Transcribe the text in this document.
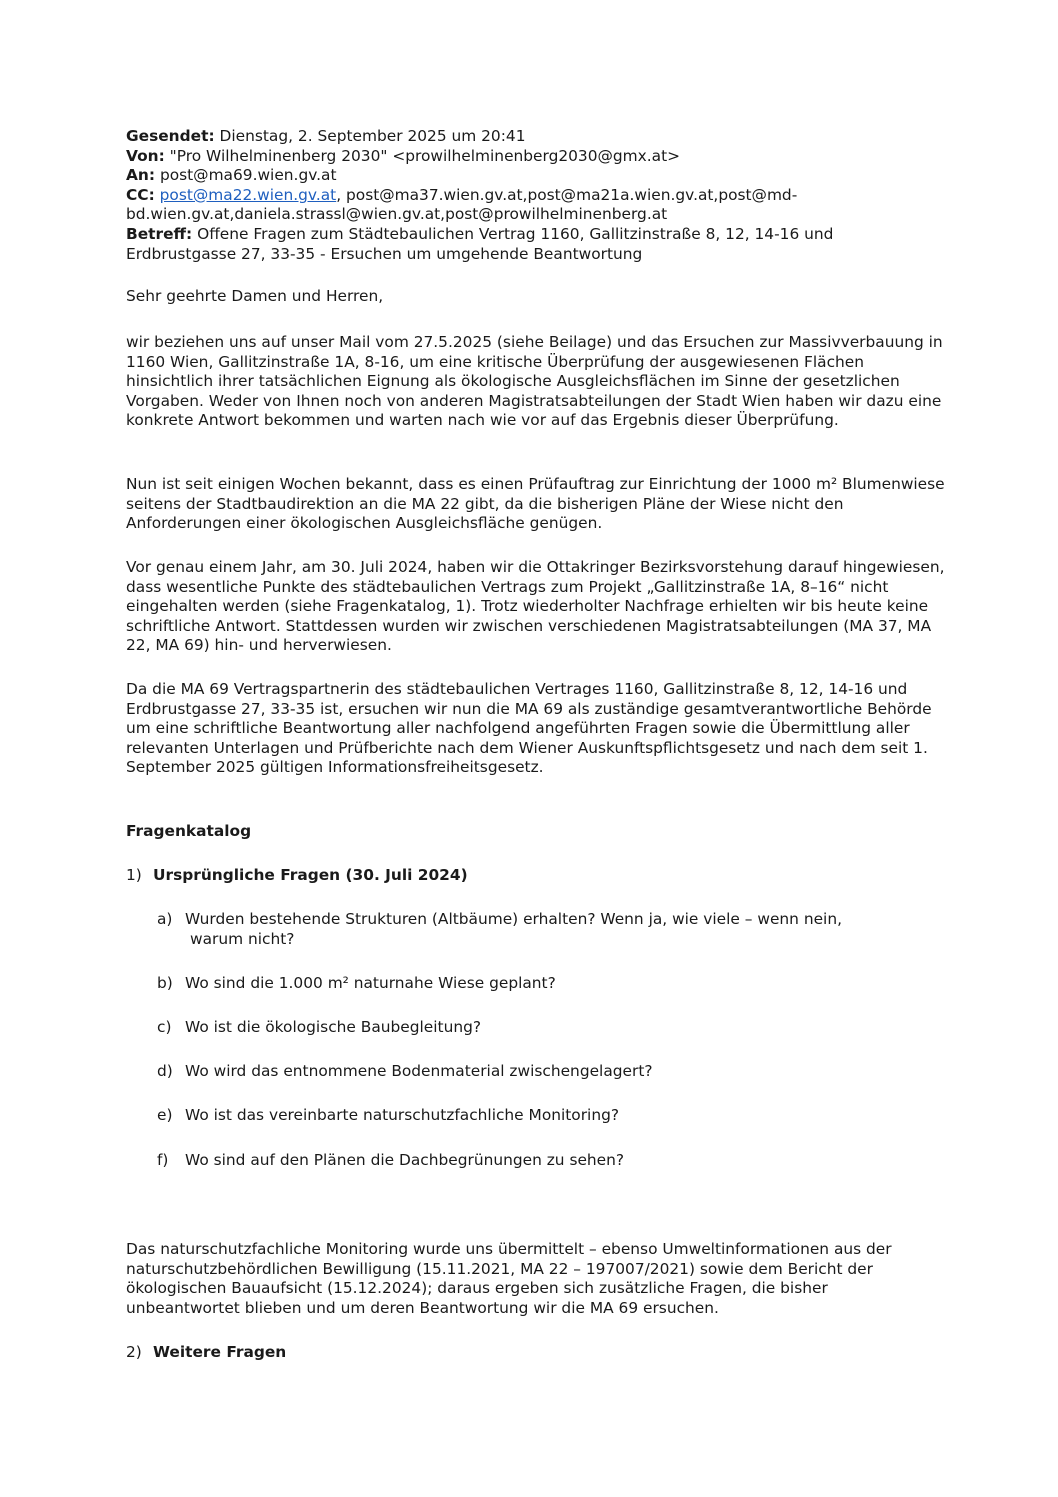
Gesendet: Dienstag, 2. September 2025 um 20:41
Von: "Pro Wilhelminenberg 2030" <prowilhelminenberg2030@gmx.at>
An: post@ma69.wien.gv.at
CC: post@ma22.wien.gv.at, post@ma37.wien.gv.at,post@ma21a.wien.gv.at,post@md-
bd.wien.gv.at,daniela.strassl@wien.gv.at,post@prowilhelminenberg.at
Betreff: Offene Fragen zum Städtebaulichen Vertrag 1160, Gallitzinstraße 8, 12, 14-16 und
Erdbrustgasse 27, 33-35 - Ersuchen um umgehende Beantwortung

Sehr geehrte Damen und Herren,

wir beziehen uns auf unser Mail vom 27.5.2025 (siehe Beilage) und das Ersuchen zur Massivverbauung in 1160 Wien, Gallitzinstraße 1A, 8-16, um eine kritische Überprüfung der ausgewiesenen Flächen hinsichtlich ihrer tatsächlichen Eignung als ökologische Ausgleichsflächen im Sinne der gesetzlichen Vorgaben. Weder von Ihnen noch von anderen Magistratsabteilungen der Stadt Wien haben wir dazu eine konkrete Antwort bekommen und warten nach wie vor auf das Ergebnis dieser Überprüfung.

Nun ist seit einigen Wochen bekannt, dass es einen Prüfauftrag zur Einrichtung der 1000 m² Blumenwiese seitens der Stadtbaudirektion an die MA 22 gibt, da die bisherigen Pläne der Wiese nicht den Anforderungen einer ökologischen Ausgleichsfläche genügen.

Vor genau einem Jahr, am 30. Juli 2024, haben wir die Ottakringer Bezirksvorstehung darauf hingewiesen, dass wesentliche Punkte des städtebaulichen Vertrags zum Projekt „Gallitzinstraße 1A, 8–16“ nicht eingehalten werden (siehe Fragenkatalog, 1). Trotz wiederholter Nachfrage erhielten wir bis heute keine schriftliche Antwort. Stattdessen wurden wir zwischen verschiedenen Magistratsabteilungen (MA 37, MA 22, MA 69) hin- und herverwiesen.

Da die MA 69 Vertragspartnerin des städtebaulichen Vertrages 1160, Gallitzinstraße 8, 12, 14-16 und Erdbrustgasse 27, 33-35 ist, ersuchen wir nun die MA 69 als zuständige gesamtverantwortliche Behörde um eine schriftliche Beantwortung aller nachfolgend angeführten Fragen sowie die Übermittlung aller relevanten Unterlagen und Prüfberichte nach dem Wiener Auskunftspflichtsgesetz und nach dem seit 1. September 2025 gültigen Informationsfreiheitsgesetz.

Fragenkatalog
1) Ursprüngliche Fragen (30. Juli 2024)
a) Wurden bestehende Strukturen (Altbäume) erhalten? Wenn ja, wie viele – wenn nein,
warum nicht?
b) Wo sind die 1.000 m² naturnahe Wiese geplant?
c) Wo ist die ökologische Baubegleitung?
d) Wo wird das entnommene Bodenmaterial zwischengelagert?
e) Wo ist das vereinbarte naturschutzfachliche Monitoring?
f) Wo sind auf den Plänen die Dachbegrünungen zu sehen?

Das naturschutzfachliche Monitoring wurde uns übermittelt – ebenso Umweltinformationen aus der naturschutzbehördlichen Bewilligung (15.11.2021, MA 22 – 197007/2021) sowie dem Bericht der ökologischen Bauaufsicht (15.12.2024); daraus ergeben sich zusätzliche Fragen, die bisher unbeantwortet blieben und um deren Beantwortung wir die MA 69 ersuchen.

2) Weitere Fragen
